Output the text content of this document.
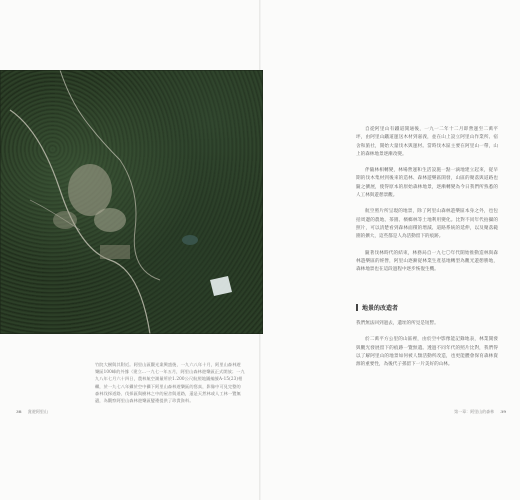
竹院大樹與其附近。阿里山區觀光業興盛後，一九六八年十月，阿里山森林遊樂區100峰的外緣（建立…一九七一年五月，阿里山森林遊樂區正式開放；一九九八年七月六十四日，農林航空測量所於1.200公尺航照地圖編號A-15(23)相繼，於一九七八年攝於空中攝下阿里山森林遊樂區的寫真，影像中可見完整的森林伐採道路、伐採區與樹林之中的屋舍與道路，還是天然林或人工林一覽無遺，為觀察阿里山森林遊樂區變遷提供了珍貴資料。
38 賞遊阿里山

自從阿里山有鐵道開通後，一九一二年十二月即營運至二萬平坪，由阿里山鐵道運送木材到嘉義，並在山上設立阿里山作業所、宿舍和旅社，開始大量伐木與運材。當時伐木區主要在阿里山一帶，山上的森林地景逐漸改變。

伴隨林相轉變，林場營運和生活設施一點一滴地建立起來，從早期的伐木集材到後來的造林、森林遊樂區開發，山區的聚落與道路也隨之擴展，使得原本的原始森林地景，逐漸轉變為今日我們所熟悉的人工林與遊憩景觀。

航空照片所呈現的地景，除了阿里山森林遊樂區本身之外，也包括周邊的農地、茶園、檳榔林等土地利用變化。比對不同年代拍攝的照片，可以清楚看到森林面積的增減、道路系統的延伸，以及聚落範圍的擴大，這些都是人為活動留下的痕跡。

隨著伐林時代的結束，林務局自一九七〇年代開始推動造林與森林遊樂區的經營，阿里山逐漸從林業生產基地轉型為觀光遊憩勝地，森林地景也在這段過程中逐步恢復生機。

地景的改造者

我們無法回到過去，遺址的所見是短暫。

於二萬平方公里的山區裡，由於空中影像能記錄地表，林業開發與觀光發展留下的痕跡一覽無遺。透過不同年代的照片比對，我們得以了解阿里山的地景如何被人類活動所改造，也更能體會保育森林資源的重要性，為後代子孫留下一片美好的山林。

第一章：阿里山的森林 39
